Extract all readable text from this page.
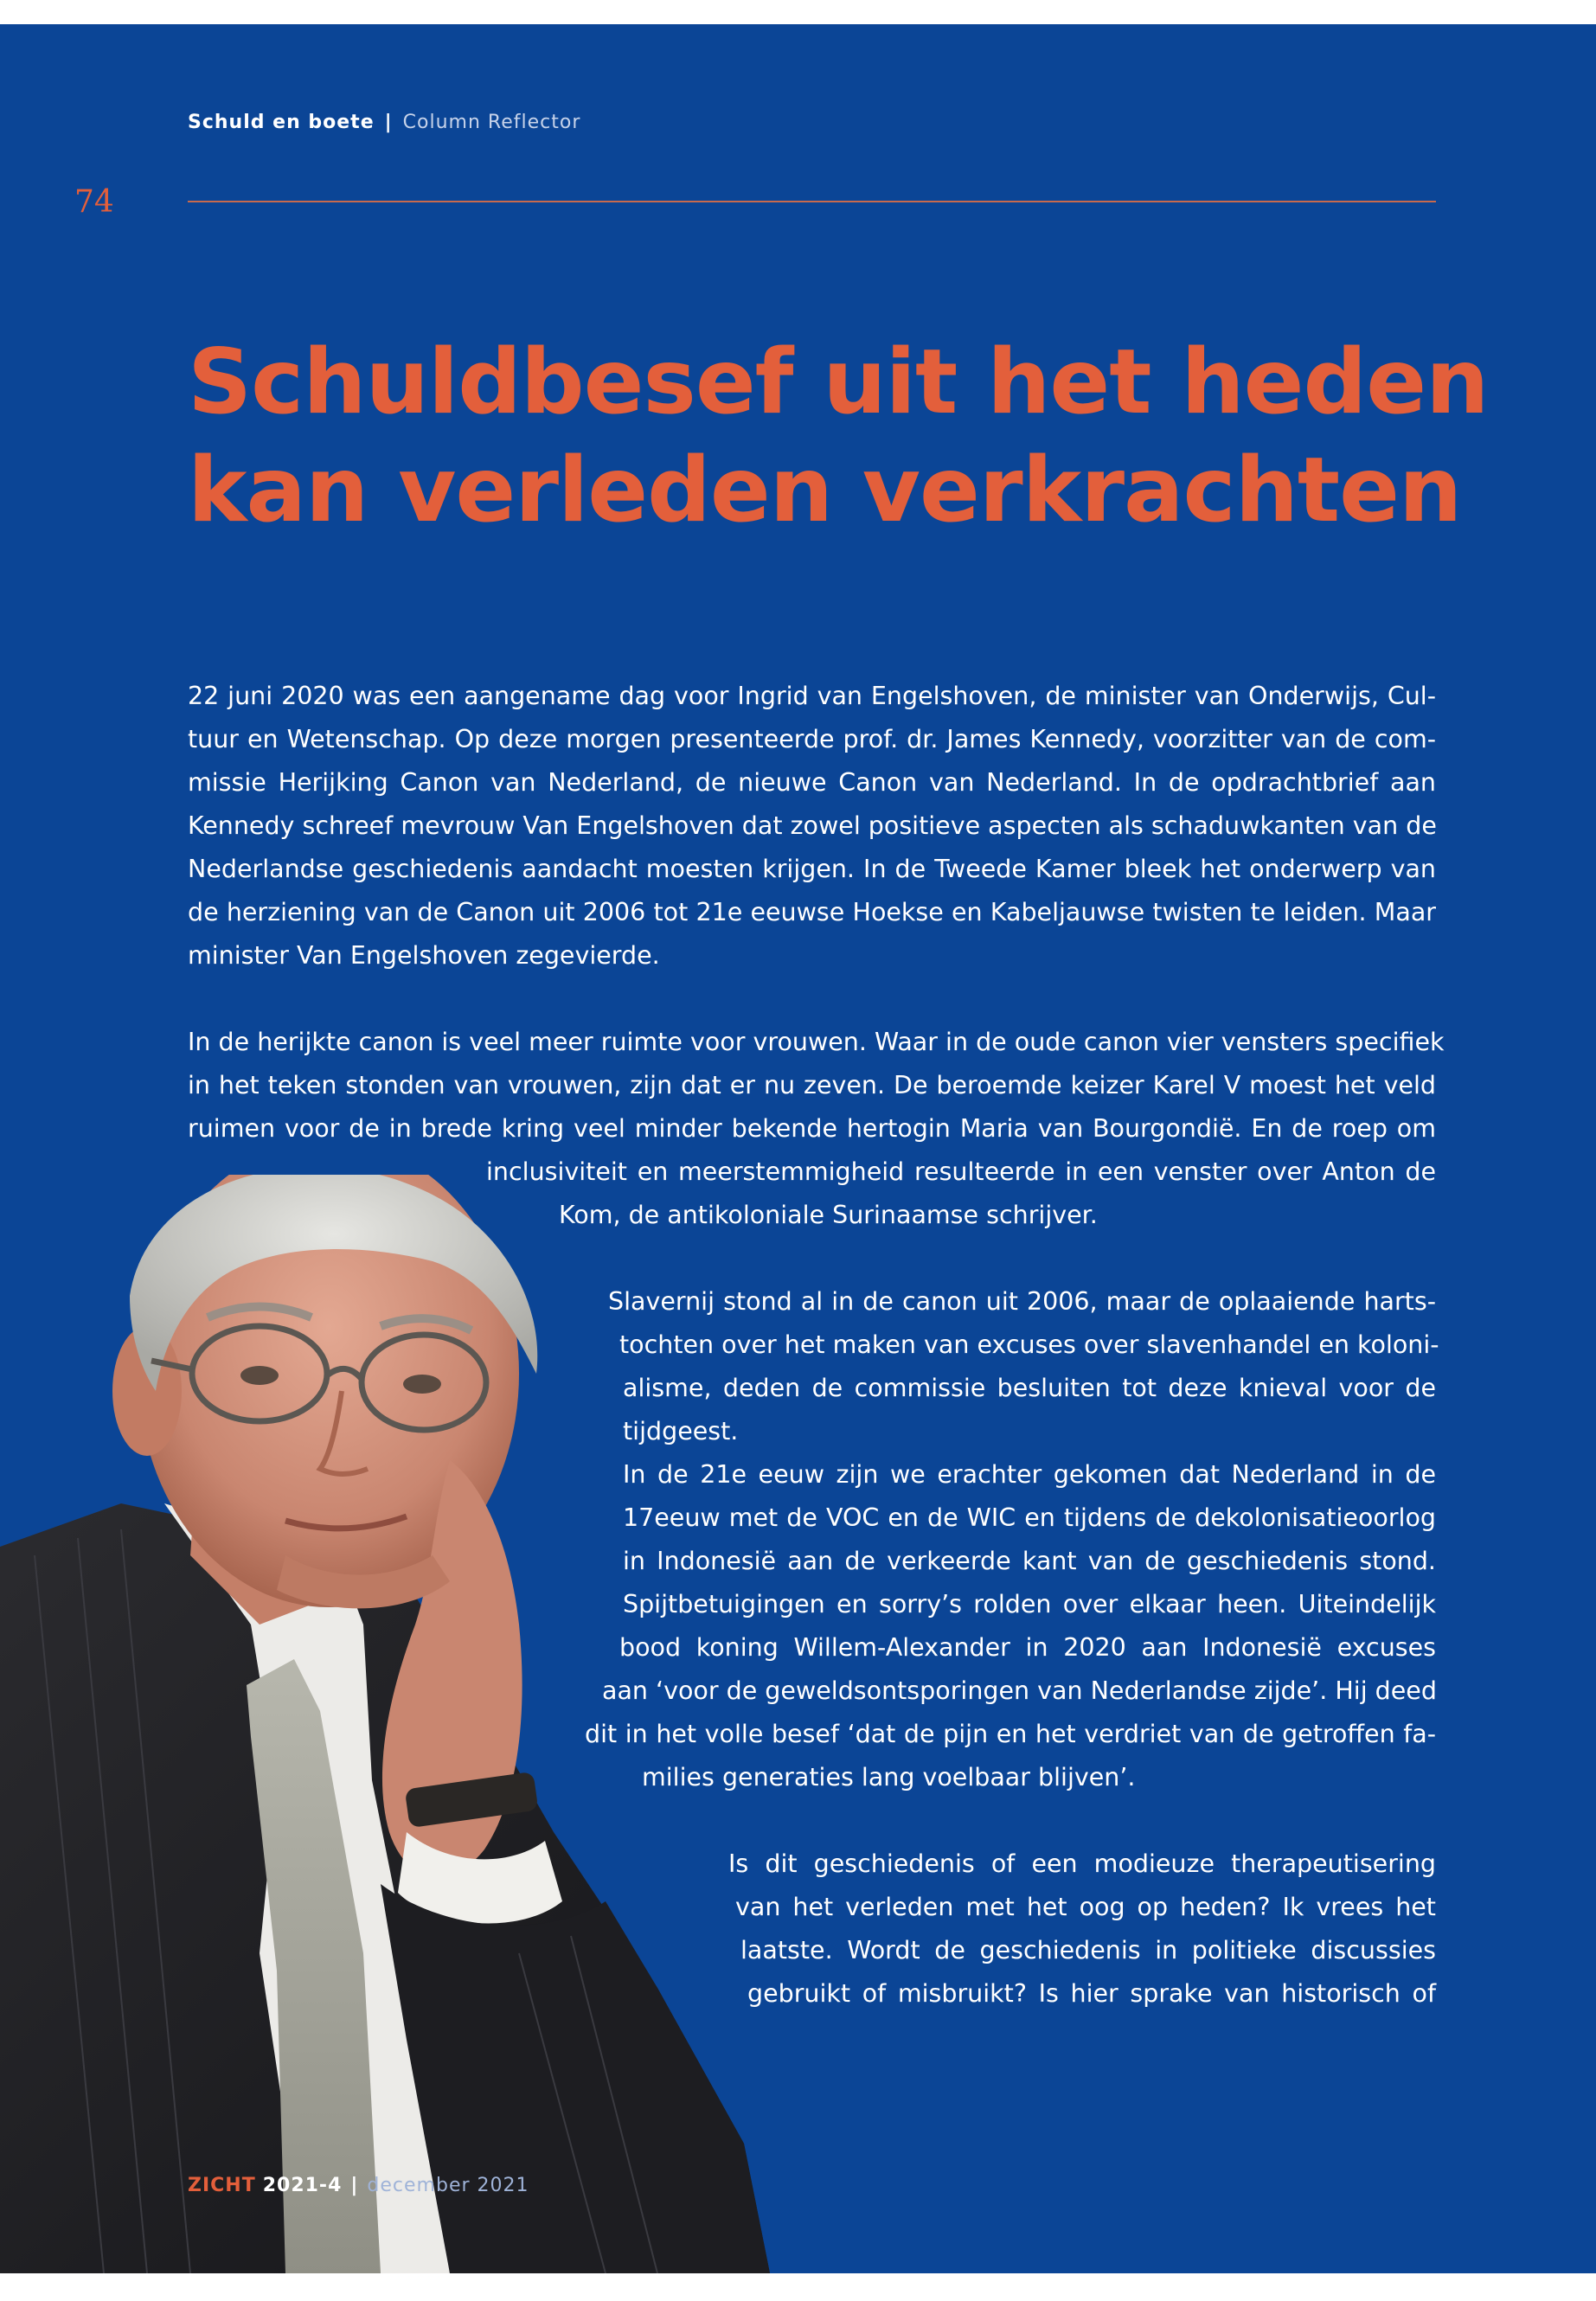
Schuld en boete | Column Reflector
74
Schuldbesef uit het heden
kan verleden verkrachten
22 juni 2020 was een aangename dag voor Ingrid van Engelshoven, de minister van Onderwijs, Cul-
tuur en Wetenschap. Op deze morgen presenteerde prof. dr. James Kennedy, voorzitter van de com-
missie Herijking Canon van Nederland, de nieuwe Canon van Nederland. In de opdrachtbrief aan
Kennedy schreef mevrouw Van Engelshoven dat zowel positieve aspecten als schaduwkanten van de
Nederlandse geschiedenis aandacht moesten krijgen. In de Tweede Kamer bleek het onderwerp van
de herziening van de Canon uit 2006 tot 21e eeuwse Hoekse en Kabeljauwse twisten te leiden. Maar
minister Van Engelshoven zegevierde.
In de herijkte canon is veel meer ruimte voor vrouwen. Waar in de oude canon vier vensters specifiek
in het teken stonden van vrouwen, zijn dat er nu zeven. De beroemde keizer Karel V moest het veld
ruimen voor de in brede kring veel minder bekende hertogin Maria van Bourgondië. En de roep om
inclusiviteit en meerstemmigheid resulteerde in een venster over Anton de
Kom, de antikoloniale Surinaamse schrijver.
Slavernij stond al in de canon uit 2006, maar de oplaaiende harts-
tochten over het maken van excuses over slavenhandel en koloni-
alisme, deden de commissie besluiten tot deze knieval voor de
tijdgeest.
In de 21e eeuw zijn we erachter gekomen dat Nederland in de
17eeuw met de VOC en de WIC en tijdens de dekolonisatieoorlog
in Indonesië aan de verkeerde kant van de geschiedenis stond.
Spijtbetuigingen en sorry’s rolden over elkaar heen. Uiteindelijk
bood koning Willem-Alexander in 2020 aan Indonesië excuses
aan ‘voor de geweldsontsporingen van Nederlandse zijde’. Hij deed
dit in het volle besef ‘dat de pijn en het verdriet van de getroffen fa-
milies generaties lang voelbaar blijven’.
Is dit geschiedenis of een modieuze therapeutisering
van het verleden met het oog op heden? Ik vrees het
laatste. Wordt de geschiedenis in politieke discussies
gebruikt of misbruikt? Is hier sprake van historisch of
ZICHT 2021-4 | december 2021
